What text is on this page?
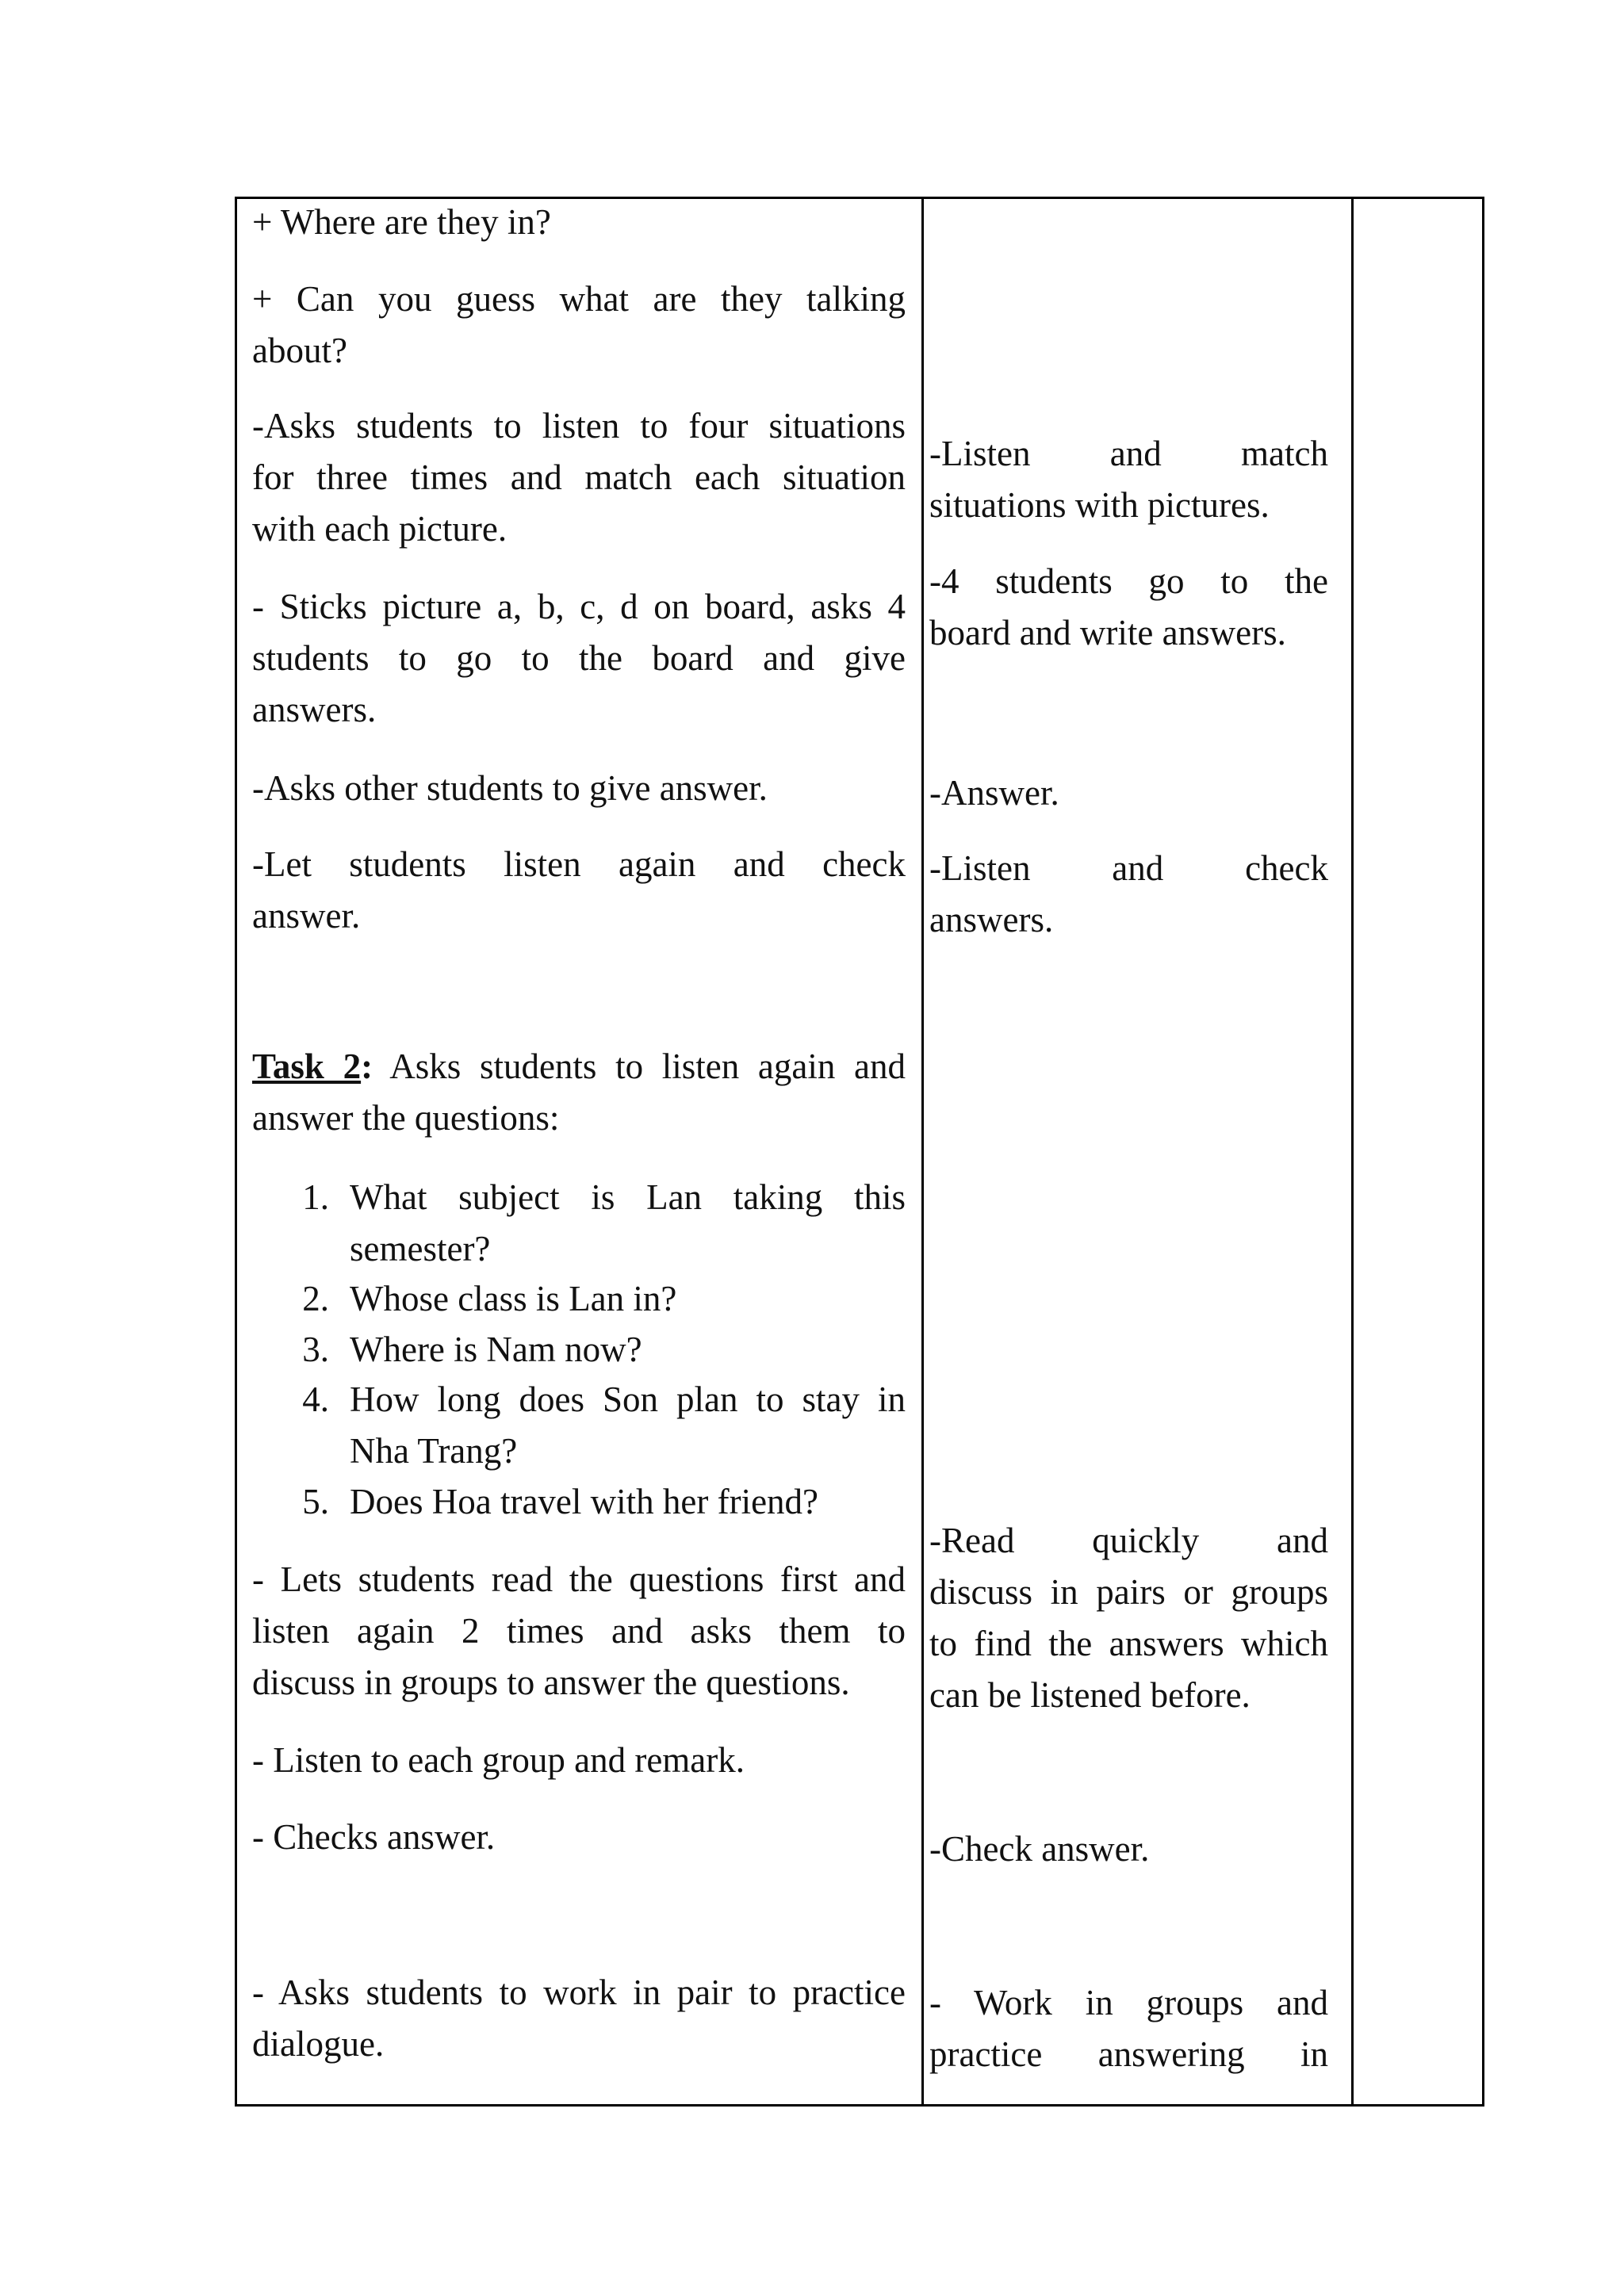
+ Where are they in?
+ Can you guess what are they talking
about?
-Asks students to listen to four situations
for three times and match each situation
with each picture.
- Sticks picture a, b, c, d on board, asks 4
students to go to the board and give
answers.
-Asks other students to give answer.
-Let students listen again and check
answer.
Task 2: Asks students to listen again and
answer the questions:
1. What subject is Lan taking this
semester?
2. Whose class is Lan in?
3. Where is Nam now?
4. How long does Son plan to stay in
Nha Trang?
5. Does Hoa travel with her friend?
- Lets students read the questions first and
listen again 2 times and asks them to
discuss in groups to answer the questions.
- Listen to each group and remark.
- Checks answer.
- Asks students to work in pair to practice
dialogue.
-Listen and match
situations with pictures.
-4 students go to the
board and write answers.
-Answer.
-Listen and check
answers.
-Read quickly and
discuss in pairs or groups
to find the answers which
can be listened before.
-Check answer.
- Work in groups and
practice answering in
